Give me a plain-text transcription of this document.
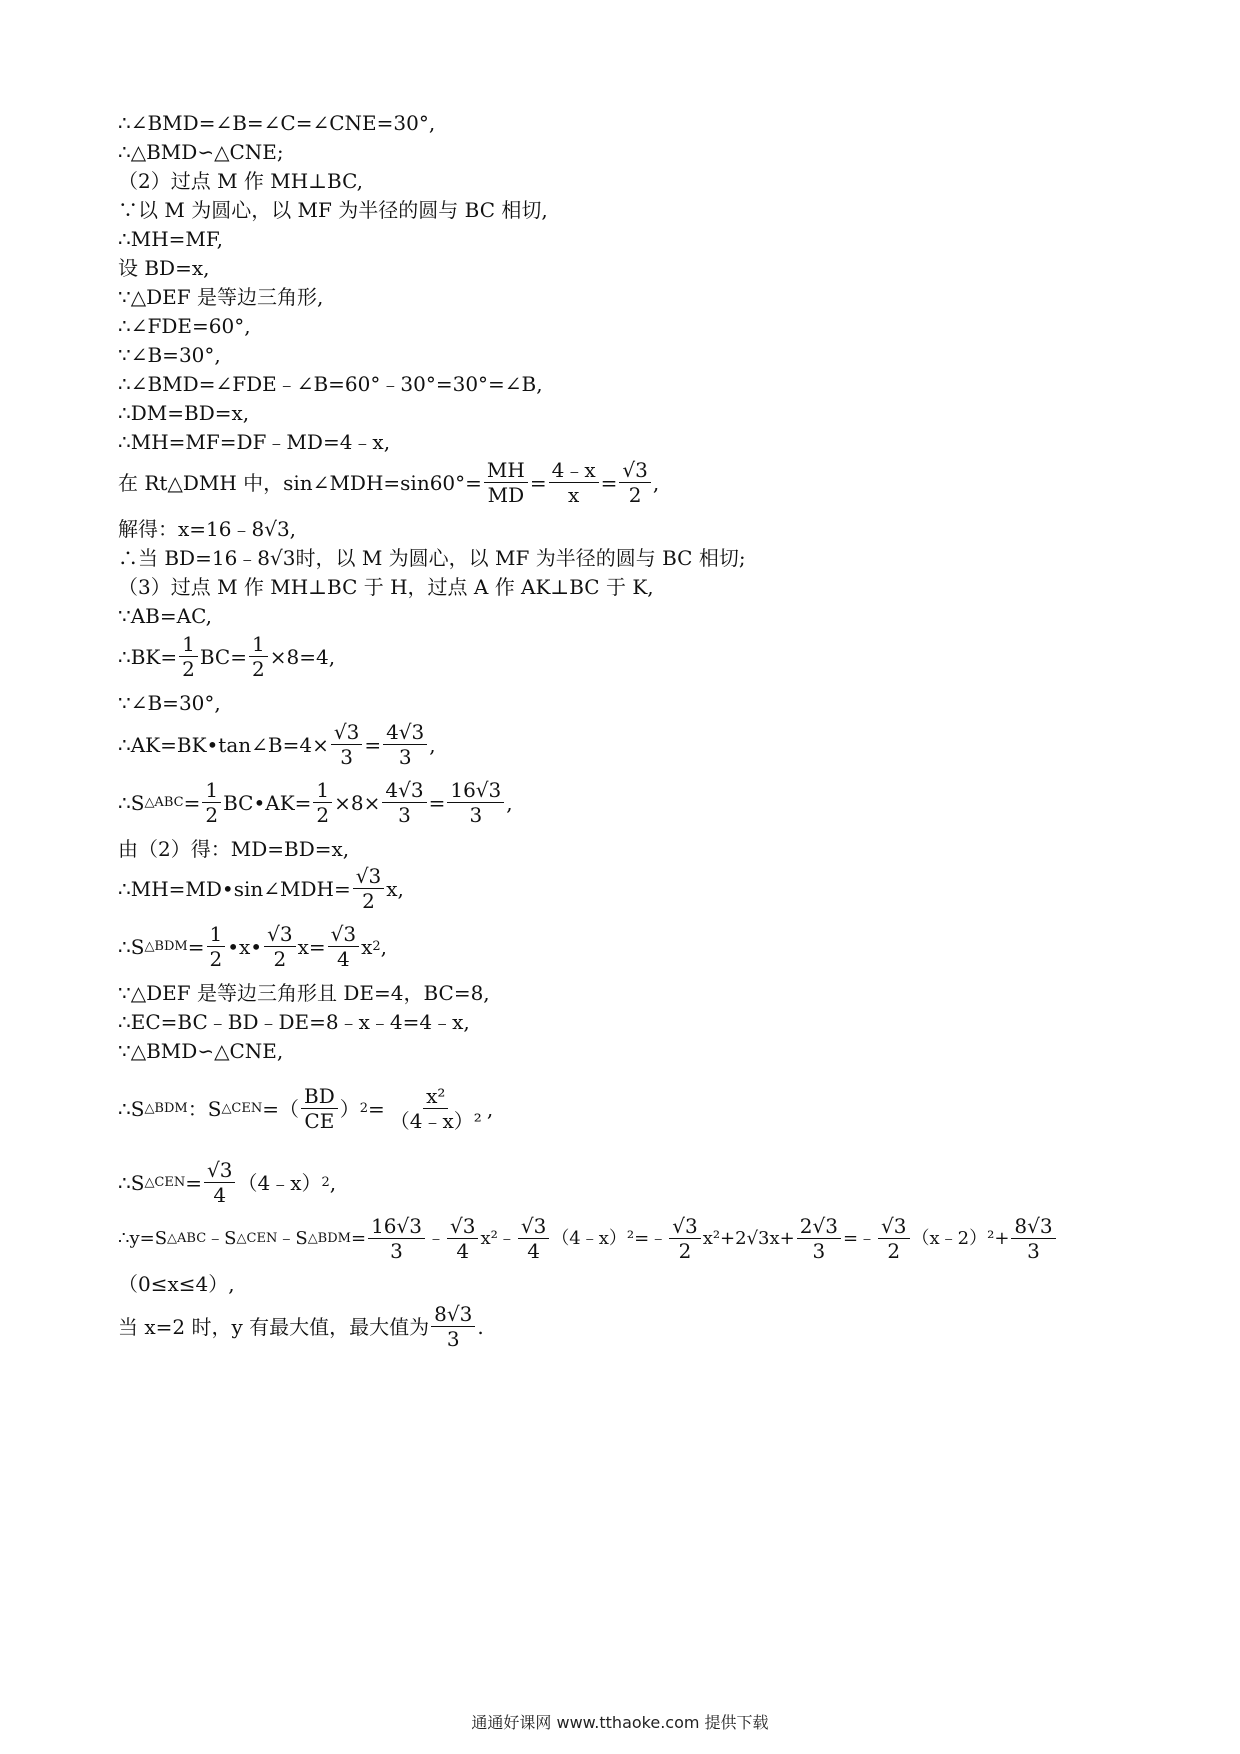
∴∠BMD=∠B=∠C=∠CNE=30°,
∴△BMD∽△CNE;
（2）过点 M 作 MH⊥BC,
∵以 M 为圆心，以 MF 为半径的圆与 BC 相切,
∴MH=MF,
设 BD=x,
∵△DEF 是等边三角形,
∴∠FDE=60°,
∵∠B=30°,
∴∠BMD=∠FDE﹣∠B=60°﹣30°=30°=∠B,
∴DM=BD=x,
∴MH=MF=DF﹣MD=4﹣x,
在 Rt△DMH 中，sin∠MDH=sin60°= $\frac{MH}{MD} = \frac{4﹣x}{x} = \frac{√3}{2}$ ,
解得：x=16﹣8√3,
∴当 BD=16﹣8√3时，以 M 为圆心，以 MF 为半径的圆与 BC 相切;
（3）过点 M 作 MH⊥BC 于 H，过点 A 作 AK⊥BC 于 K,
∵AB=AC,
∴BK= $\frac{1}{2} BC= \frac{1}{2} \times 8=4$,
∵∠B=30°,
∴AK=BK•tan∠B=4× $\frac{√3}{3} = \frac{4√3}{3}$ ,
∴S △ABC = $\frac{1}{2}$ BC•AK= $\frac{1}{2} \times 8\times \frac{4√3}{3} = \frac{16√3}{3}$ ,
由（2）得：MD=BD=x,
∴MH=MD•sin∠MDH= $\frac{√3}{2} x$,
∴S △BDM = $\frac{1}{2}$ •x• $\frac{√3}{2} x= \frac{√3}{4}$ x 2 ,
∵△DEF 是等边三角形且 DE=4，BC=8,
∴EC=BC﹣BD﹣DE=8﹣x﹣4=4﹣x,
∵△BMD∽△CNE,
∴S △BDM ：S △CEN =（ $\frac{BD}{CE}$ ） $2 = \frac{\text{x²}}{\text{（4﹣x）²}}$ ,
∴S △CEN = $\frac{√3}{4}$ （4﹣x） 2 ,
∴y=S △ABC ﹣S △CEN ﹣S △BDM = $\frac{16√3}{3}$ ﹣ $\frac{√3}{4}$ x²﹣ $\frac{√3}{4}$ （4﹣x）²=﹣ $\frac{√3}{2} x^2+2√3x+ \frac{2√3}{3}$ =﹣ $\frac{√3}{2}$ （x﹣2）²+ $\frac{8√3}{3}$
（0≤x≤4）,
当 x=2 时，y 有最大值，最大值为 $\frac{8√3}{3}$ .
通通好课网 www.tthaoke.com 提供下载
